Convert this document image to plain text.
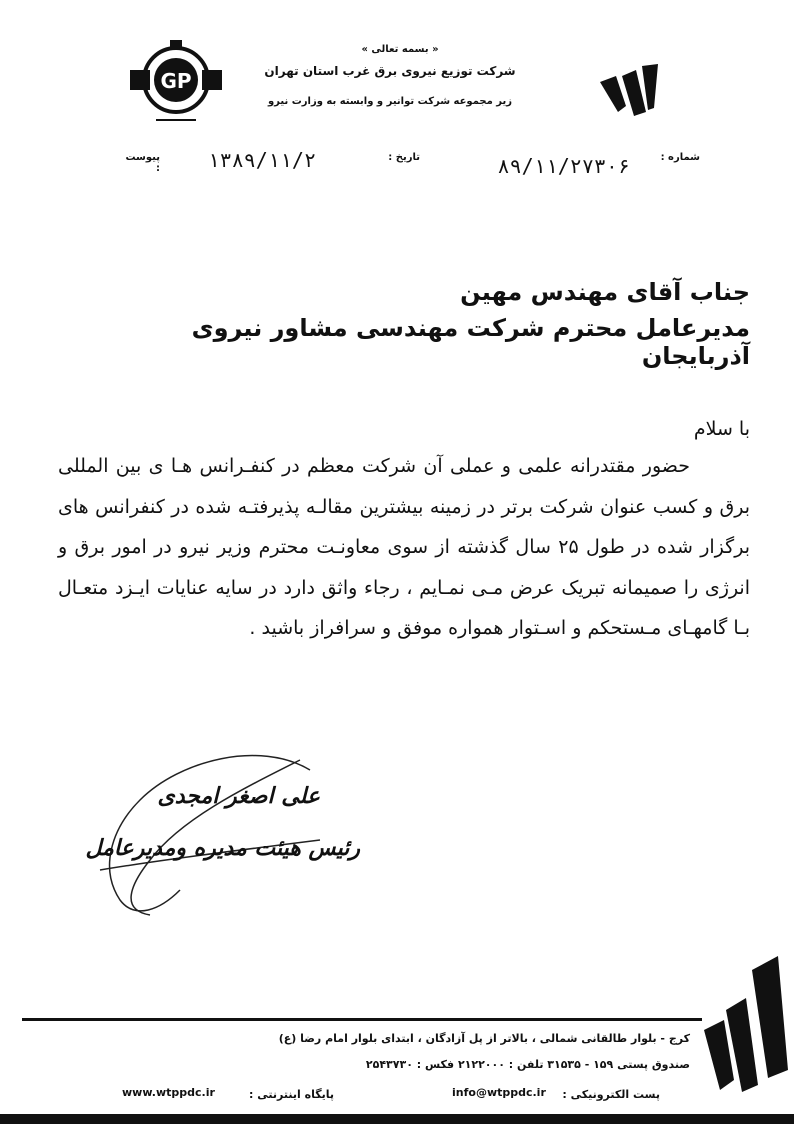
GP
« بسمه تعالی »
شرکت توزیع نیروی برق غرب استان تهران
زیر مجموعه شرکت توانیر و وابسته به وزارت نیرو
شماره :
۸۹/۱۱/۲۷۳۰۶
تاریخ :
۱۳۸۹/۱۱/۲
پیوست :
جناب آقای مهندس مهین
مدیرعامل محترم شرکت مهندسی مشاور نیروی آذربایجان
با سلام
حضور مقتدرانه علمی و عملی آن شرکت معظم در کنفـرانس هـا ی بین المللی برق و کسب عنوان شرکت برتر در زمینه بیشترین مقالـه پذیرفتـه شده در کنفرانس های برگزار شده در طول ۲۵ سال گذشته از سوی معاونـت محترم وزیر نیرو در امور برق و انرژی را صمیمانه تبریک عرض مـی نمـایم ، رجاء واثق دارد در سایه عنایات ایـزد متعـال بـا گامهـای مـستحکم و اسـتوار همواره موفق و سرافراز باشید .
علی اصغر امجدی
رئیس هیئت مدیره ومدیرعامل
کرج - بلوار طالقانی شمالی ، بالاتر از پل آزادگان ، ابتدای بلوار امام رضا (ع)
صندوق پستی ۱۵۹ - ۳۱۵۳۵ تلفن : ۲۱۲۲۰۰۰ فکس : ۲۵۴۳۷۳۰
پست الکترونیکی :
info@wtppdc.ir
پایگاه اینترنتی :
www.wtppdc.ir
